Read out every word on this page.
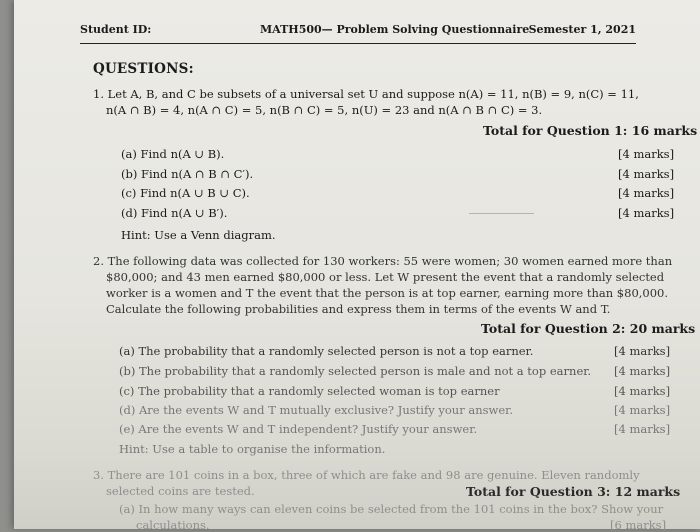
Student ID:	MATH500— Problem Solving Questionnaire Semester 1, 2021
QUESTIONS:
1. Let A, B, and C be subsets of a universal set U and suppose n(A) = 11, n(B) = 9, n(C) = 11,
n(A ∩ B) = 4, n(A ∩ C) = 5, n(B ∩ C) = 5, n(U) = 23 and n(A ∩ B ∩ C) = 3.
Total for Question 1: 16 marks
(a) Find n(A ∪ B).	[4 marks]
(b) Find n(A ∩ B ∩ C′).	[4 marks]
(c) Find n(A ∪ B ∪ C).	[4 marks]
(d) Find n(A ∪ B′).	[4 marks]
Hint: Use a Venn diagram.
2. The following data was collected for 130 workers: 55 were women; 30 women earned more than
$80,000; and 43 men earned $80,000 or less. Let W present the event that a randomly selected
worker is a women and T the event that the person is at top earner, earning more than $80,000.
Calculate the following probabilities and express them in terms of the events W and T.
Total for Question 2: 20 marks
(a) The probability that a randomly selected person is not a top earner.	[4 marks]
(b) The probability that a randomly selected person is male and not a top earner. [4 marks]
(c) The probability that a randomly selected woman is top earner	[4 marks]
(d) Are the events W and T mutually exclusive? Justify your answer.	[4 marks]
(e) Are the events W and T independent? Justify your answer.	[4 marks]
Hint: Use a table to organise the information.
3. There are 101 coins in a box, three of which are fake and 98 are genuine. Eleven randomly
selected coins are tested.	Total for Question 3: 12 marks
(a) In how many ways can eleven coins be selected from the 101 coins in the box? Show your
calculations.	[6 marks]
